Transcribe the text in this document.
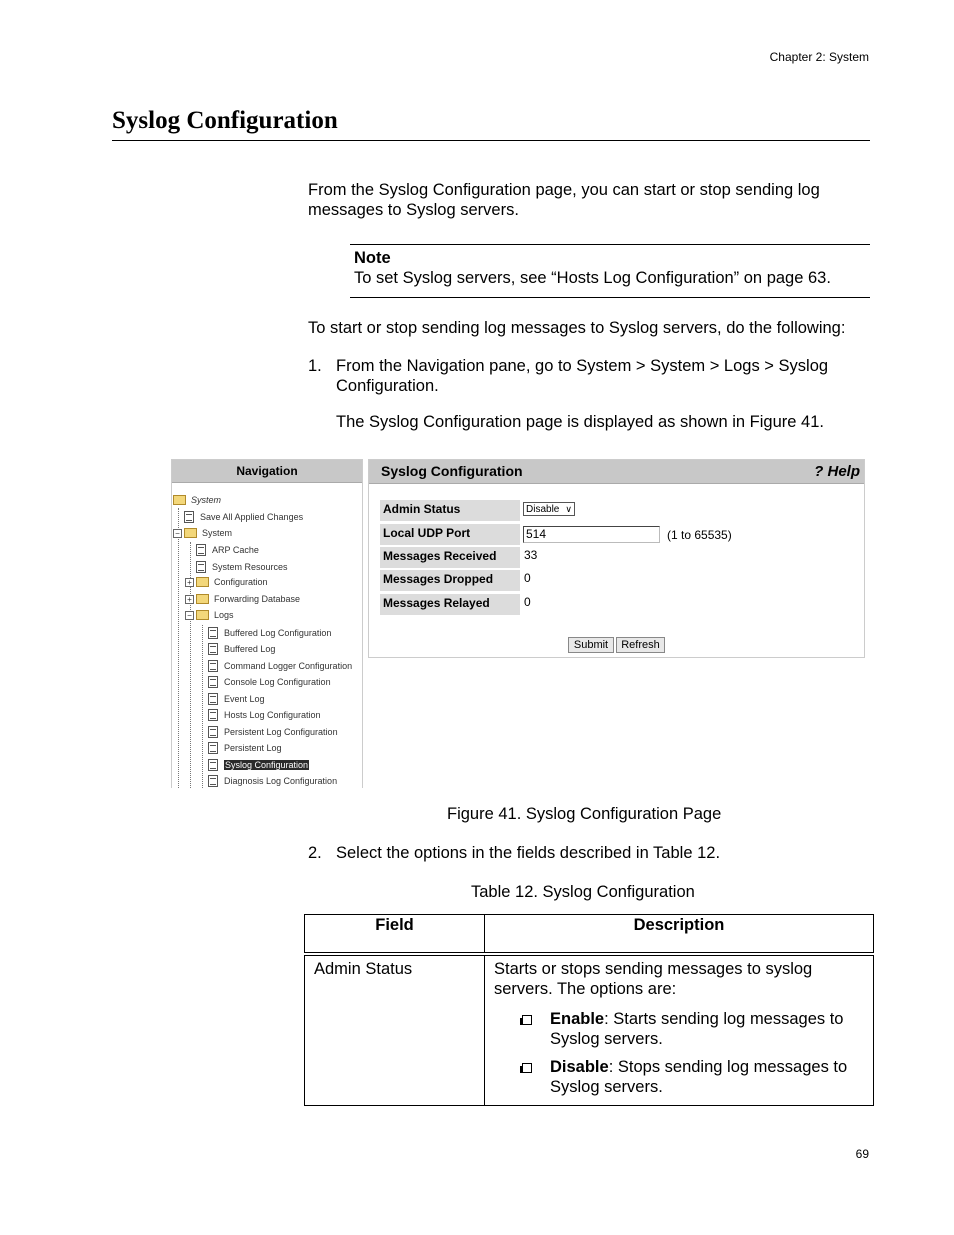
Chapter 2: System
Syslog Configuration
From the Syslog Configuration page, you can start or stop sending log messages to Syslog servers.
Note
To set Syslog servers, see “Hosts Log Configuration” on page 63.
To start or stop sending log messages to Syslog servers, do the following:
1. From the Navigation pane, go to System > System > Logs > Syslog Configuration.
The Syslog Configuration page is displayed as shown in Figure 41.
Navigation
System
Save All Applied Changes
− System
ARP Cache
System Resources
+ Configuration
+ Forwarding Database
− Logs
Buffered Log Configuration
Buffered Log
Command Logger Configuration
Console Log Configuration
Event Log
Hosts Log Configuration
Persistent Log Configuration
Persistent Log
Syslog Configuration
Diagnosis Log Configuration
Syslog Configuration	? Help
Admin Status	Disable ∨
Local UDP Port	514	(1 to 65535)
Messages Received	33
Messages Dropped	0
Messages Relayed	0
Submit	Refresh
Figure 41. Syslog Configuration Page
2. Select the options in the fields described in Table 12.
Table 12. Syslog Configuration
Field	Description
Admin Status	Starts or stops sending messages to syslog servers. The options are:
Enable: Starts sending log messages to Syslog servers.
Disable: Stops sending log messages to Syslog servers.
69
